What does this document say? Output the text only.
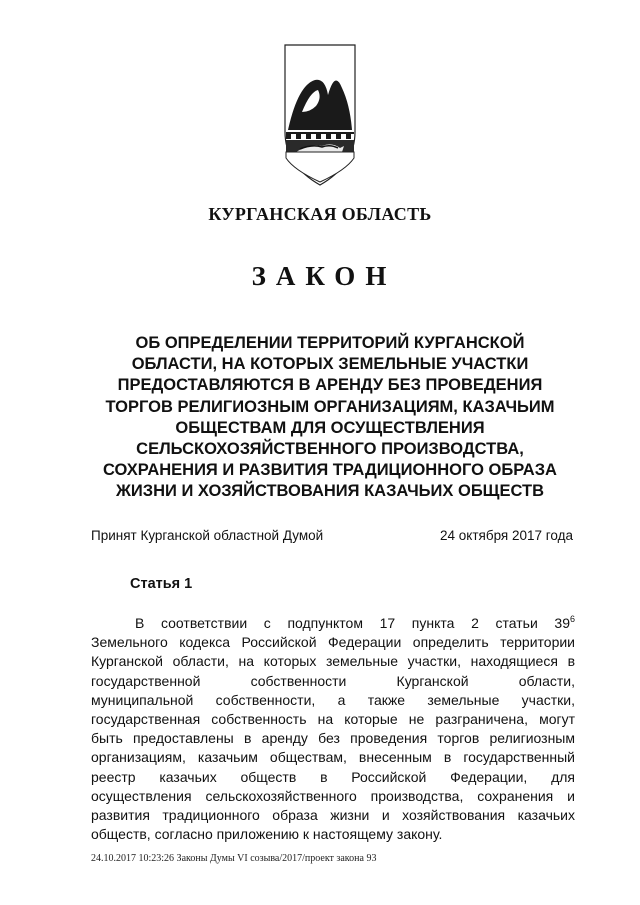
КУРГАНСКАЯ ОБЛАСТЬ
ЗАКОН
ОБ ОПРЕДЕЛЕНИИ ТЕРРИТОРИЙ КУРГАНСКОЙ
ОБЛАСТИ, НА КОТОРЫХ ЗЕМЕЛЬНЫЕ УЧАСТКИ
ПРЕДОСТАВЛЯЮТСЯ В АРЕНДУ БЕЗ ПРОВЕДЕНИЯ
ТОРГОВ РЕЛИГИОЗНЫМ ОРГАНИЗАЦИЯМ, КАЗАЧЬИМ
ОБЩЕСТВАМ ДЛЯ ОСУЩЕСТВЛЕНИЯ
СЕЛЬСКОХОЗЯЙСТВЕННОГО ПРОИЗВОДСТВА,
СОХРАНЕНИЯ И РАЗВИТИЯ ТРАДИЦИОННОГО ОБРАЗА
ЖИЗНИ И ХОЗЯЙСТВОВАНИЯ КАЗАЧЬИХ ОБЩЕСТВ
Принят Курганской областной Думой	24 октября 2017 года
Статья 1
В соответствии с подпунктом 17 пункта 2 статьи $39^6$
Земельного кодекса Российской Федерации определить территории
Курганской области, на которых земельные участки, находящиеся в
государственной собственности Курганской области,
муниципальной собственности, а также земельные участки,
государственная собственность на которые не разграничена, могут
быть предоставлены в аренду без проведения торгов религиозным
организациям, казачьим обществам, внесенным в государственный
реестр казачьих обществ в Российской Федерации, для
осуществления сельскохозяйственного производства, сохранения и
развития традиционного образа жизни и хозяйствования казачьих
обществ, согласно приложению к настоящему закону.
24.10.2017 10:23:26 Законы Думы VI созыва/2017/проект закона 93
